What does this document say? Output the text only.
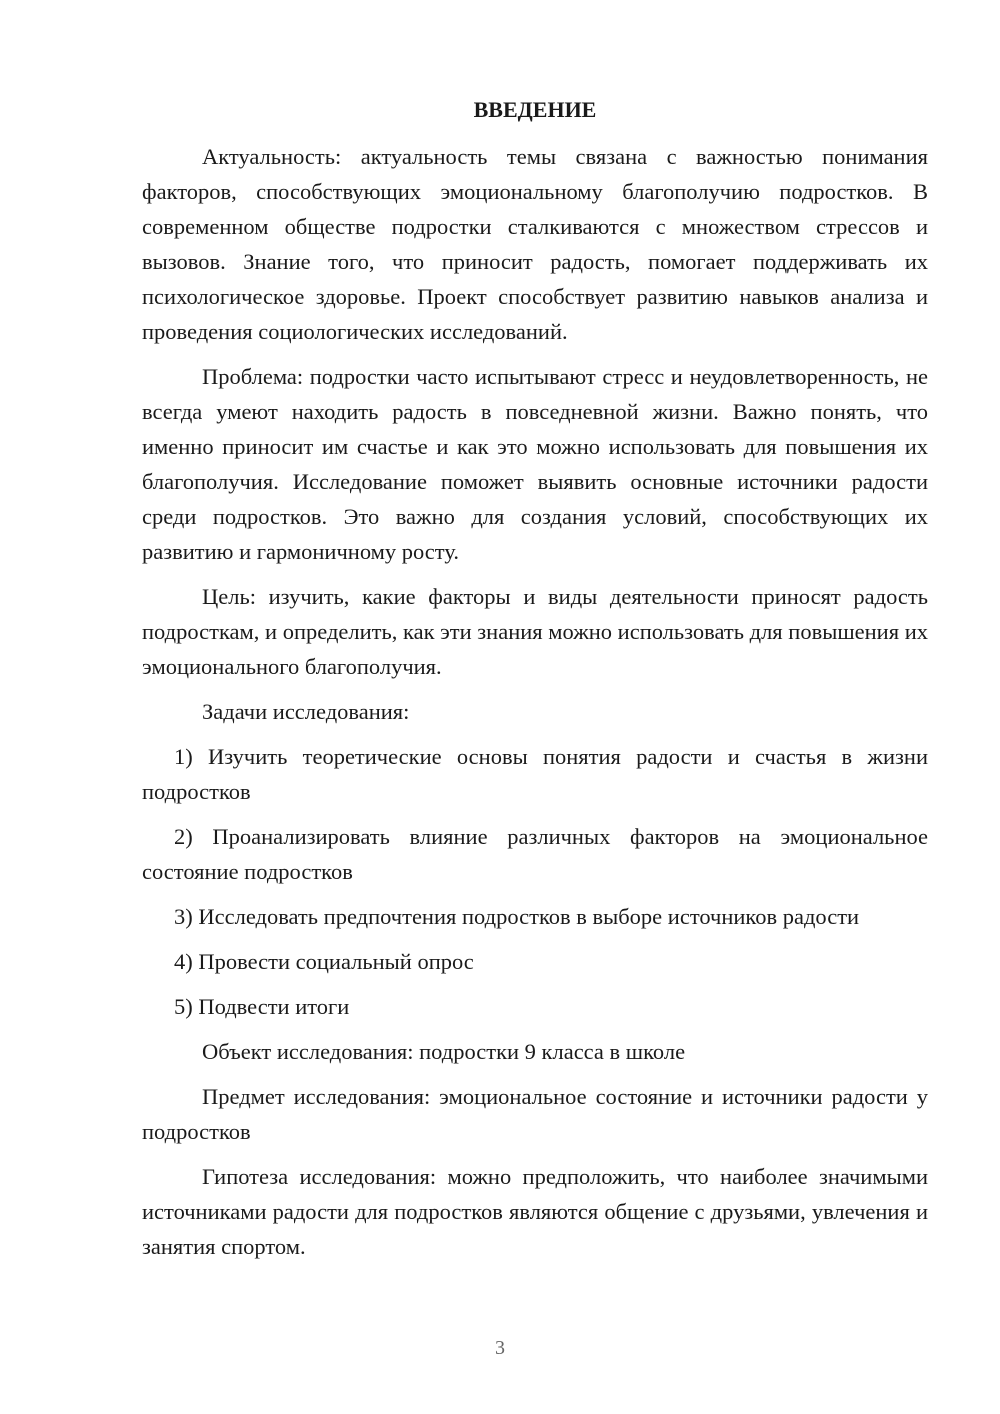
ВВЕДЕНИЕ

Актуальность: актуальность темы связана с важностью понимания факторов, способствующих эмоциональному благополучию подростков. В современном обществе подростки сталкиваются с множеством стрессов и вызовов. Знание того, что приносит радость, помогает поддерживать их психологическое здоровье. Проект способствует развитию навыков анализа и проведения социологических исследований.

Проблема: подростки часто испытывают стресс и неудовлетворенность, не всегда умеют находить радость в повседневной жизни. Важно понять, что именно приносит им счастье и как это можно использовать для повышения их благополучия. Исследование поможет выявить основные источники радости среди подростков. Это важно для создания условий, способствующих их развитию и гармоничному росту.

Цель: изучить, какие факторы и виды деятельности приносят радость подросткам, и определить, как эти знания можно использовать для повышения их эмоционального благополучия.

Задачи исследования:

1) Изучить теоретические основы понятия радости и счастья в жизни подростков

2) Проанализировать влияние различных факторов на эмоциональное состояние подростков

3) Исследовать предпочтения подростков в выборе источников радости

4) Провести социальный опрос

5) Подвести итоги

Объект исследования: подростки 9 класса в школе

Предмет исследования: эмоциональное состояние и источники радости у подростков

Гипотеза исследования: можно предположить, что наиболее значимыми источниками радости для подростков являются общение с друзьями, увлечения и занятия спортом.

3
